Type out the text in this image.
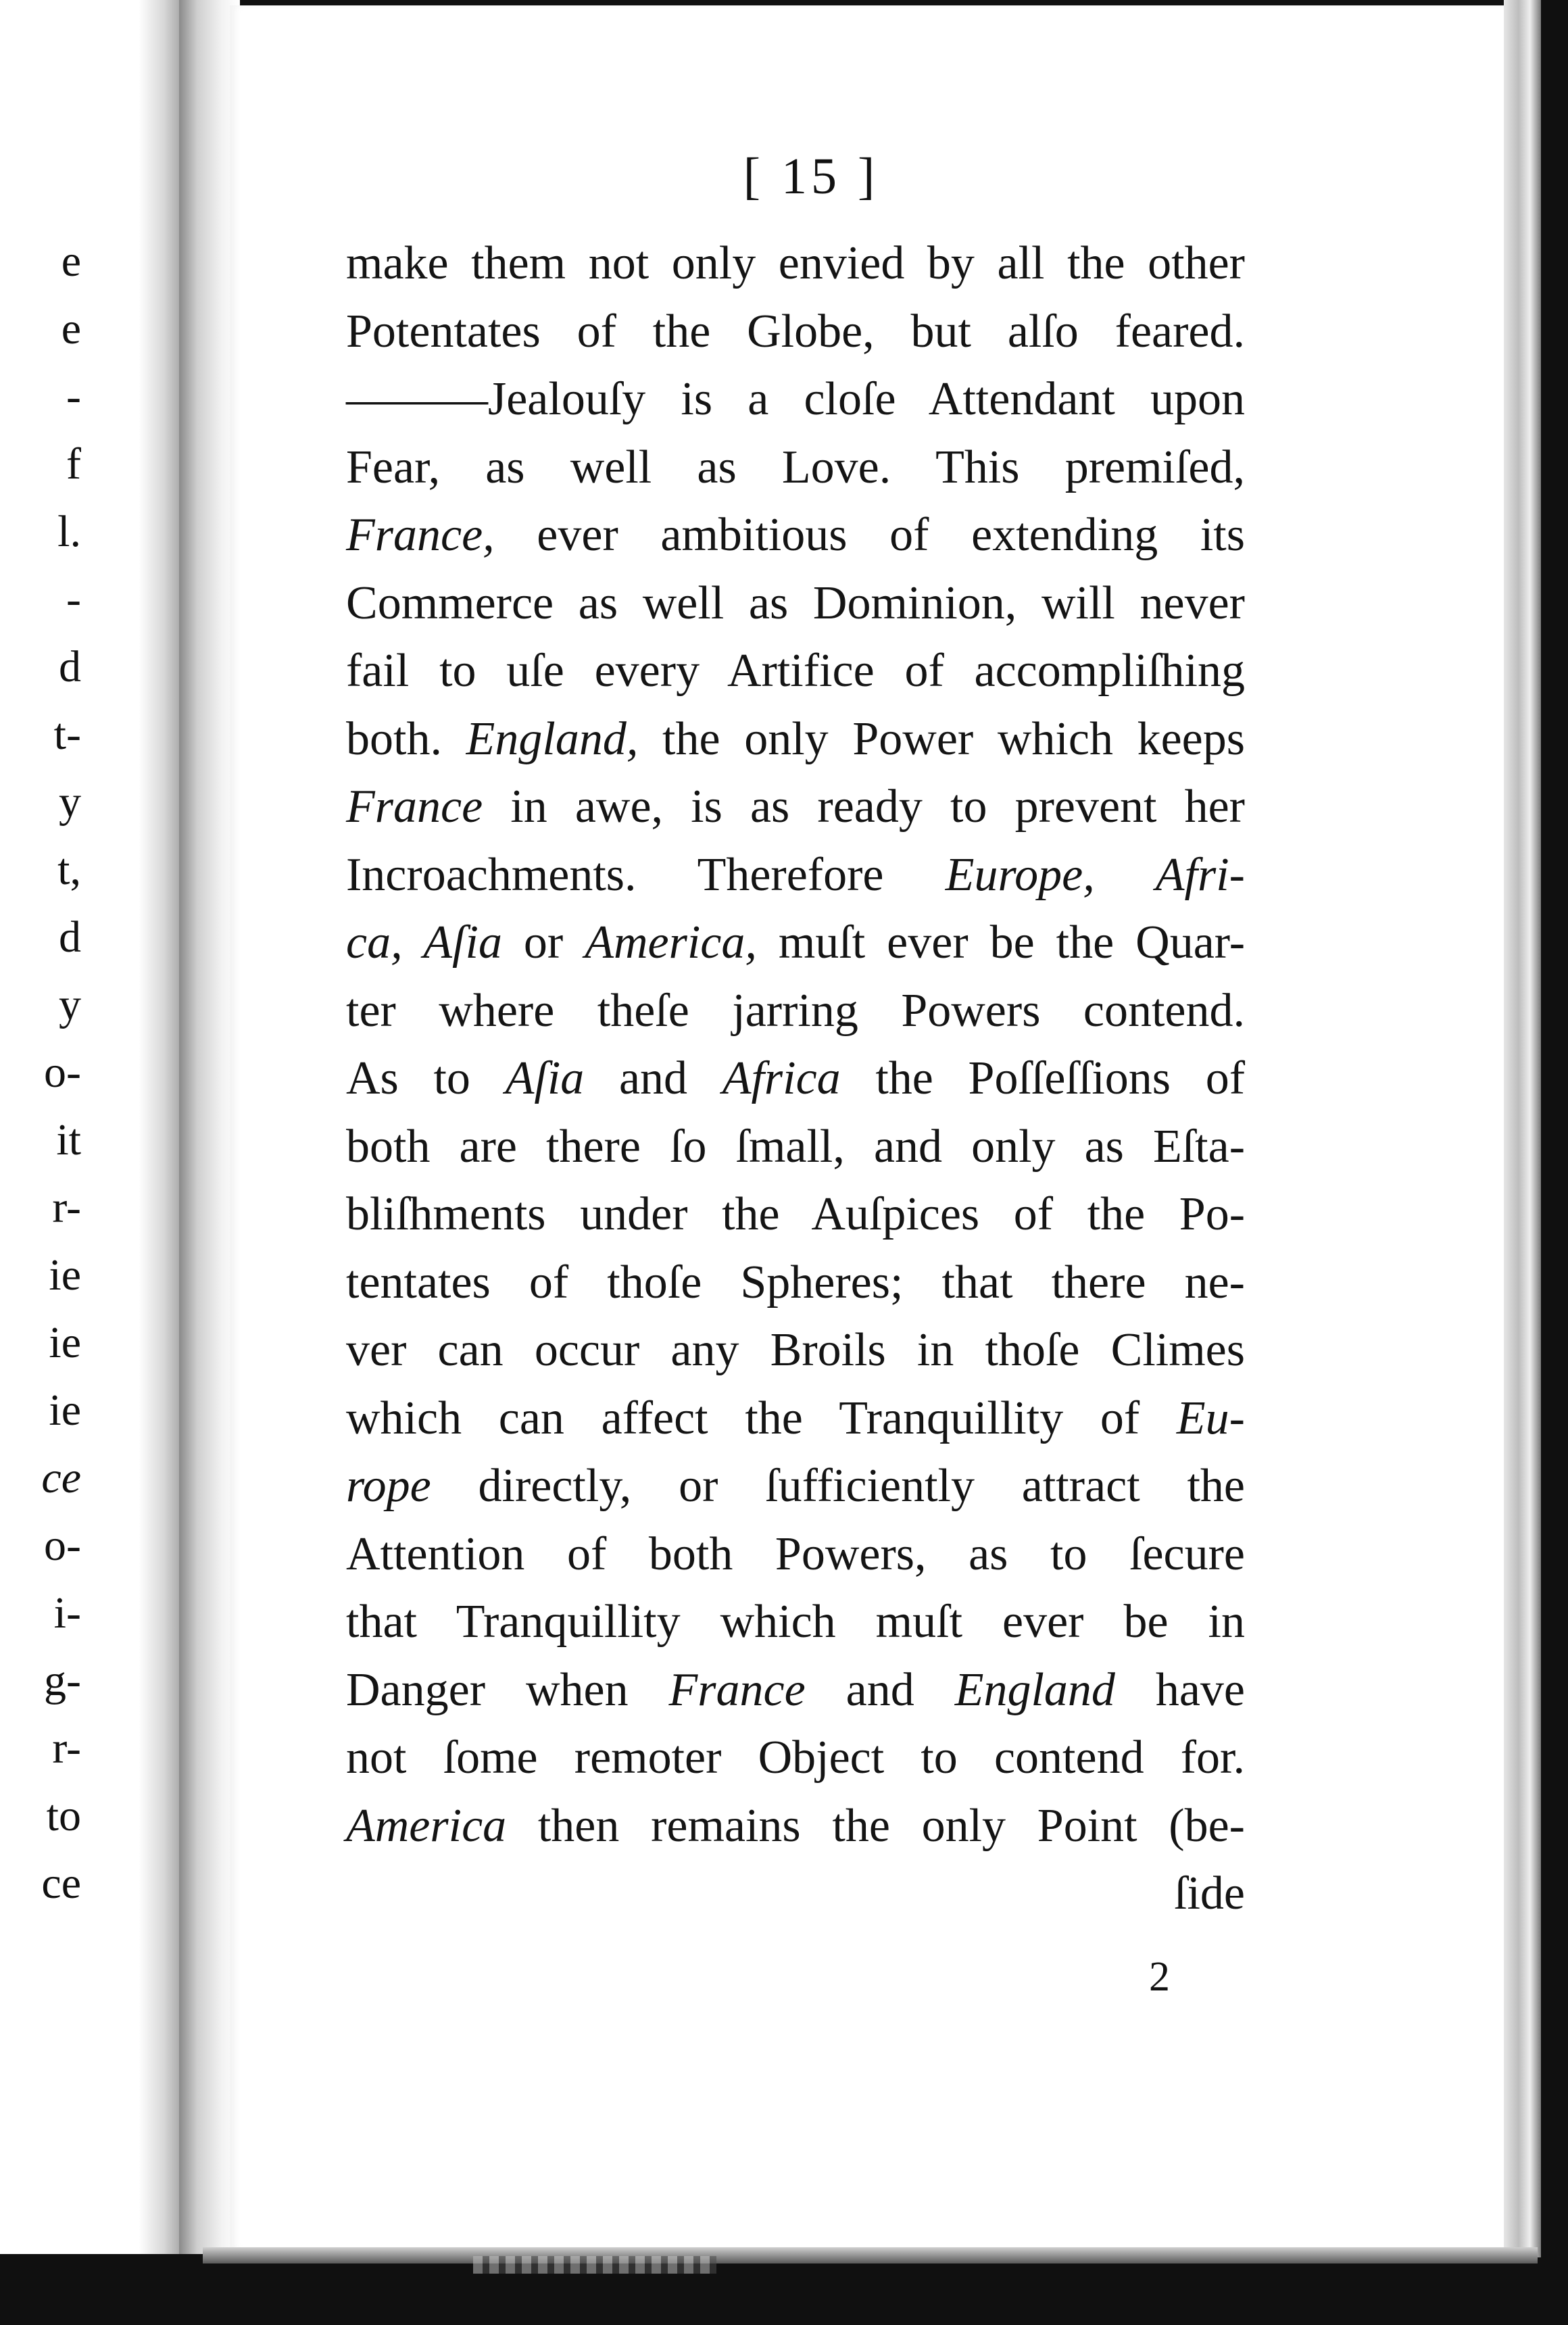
e
e
-
f
l.
-
d
t-
y
t,
d
y
o-
it
r-
ie
ie
ie
ce
o-
i-
g-
r-
to
ce
[ 15 ]
make them not only envied by all the other
Potentates of the Globe, but alſo feared.
———Jealouſy is a cloſe Attendant upon
Fear, as well as Love. This premiſed,
France, ever ambitious of extending its
Commerce as well as Dominion, will never
fail to uſe every Artifice of accompliſhing
both. England, the only Power which keeps
France in awe, is as ready to prevent her
Incroachments. Therefore Europe, Afri-
ca, Aſia or America, muſt ever be the Quar-
ter where theſe jarring Powers contend.
As to Aſia and Africa the Poſſeſſions of
both are there ſo ſmall, and only as Eſta-
bliſhments under the Auſpices of the Po-
tentates of thoſe Spheres; that there ne-
ver can occur any Broils in thoſe Climes
which can affect the Tranquillity of Eu-
rope directly, or ſufficiently attract the
Attention of both Powers, as to ſecure
that Tranquillity which muſt ever be in
Danger when France and England have
not ſome remoter Object to contend for.
America then remains the only Point (be-
ſide
2
